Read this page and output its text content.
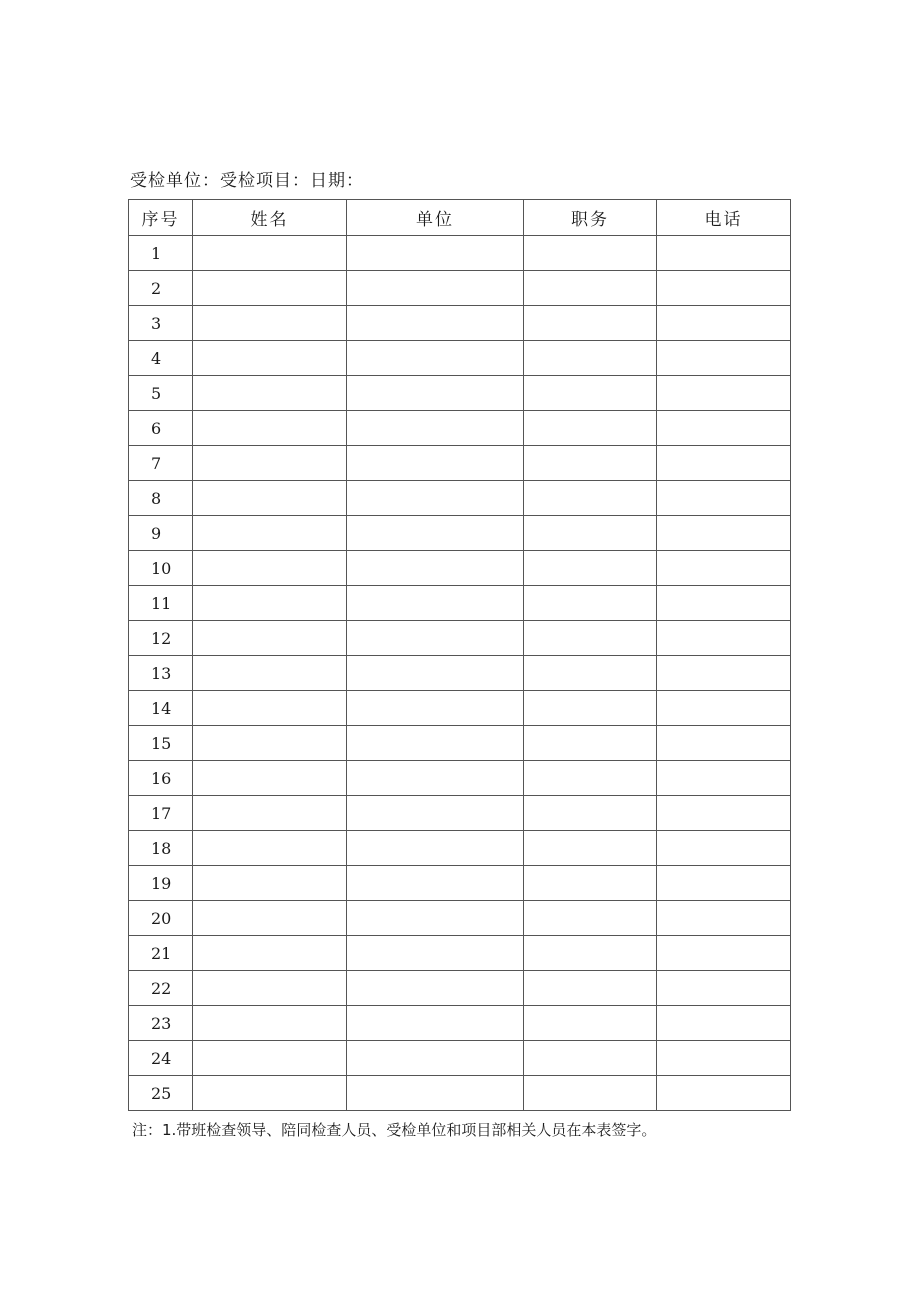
受检单位：受检项目：日期：
序号	姓名	单位	职务	电话
1				
2				
3				
4				
5				
6				
7				
8				
9				
10				
11				
12				
13				
14				
15				
16				
17				
18				
19				
20				
21				
22				
23				
24				
25				
注：1.带班检查领导、陪同检查人员、受检单位和项目部相关人员在本表签字。
